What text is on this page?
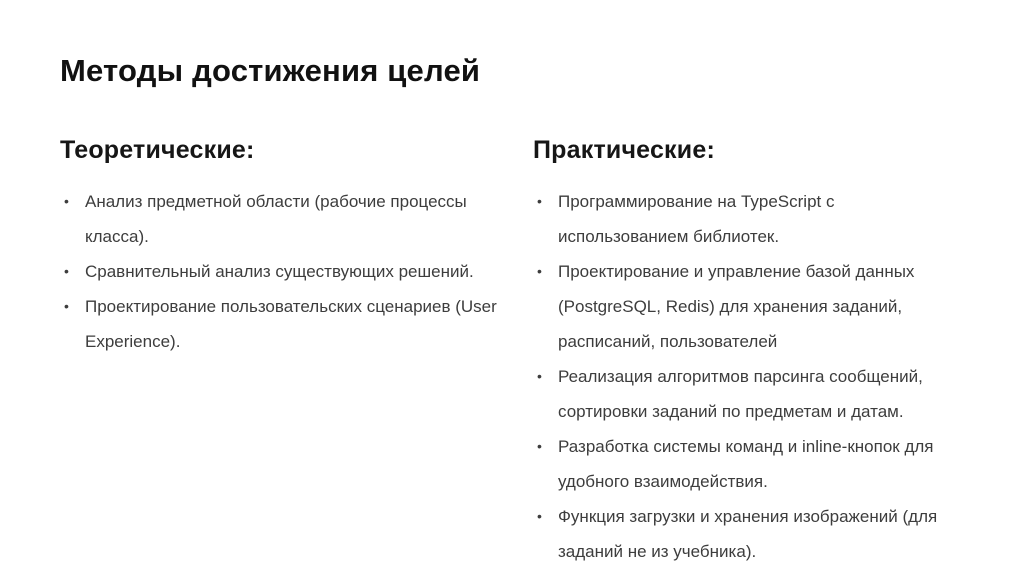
Методы достижения целей
Теоретические:
• Анализ предметной области (рабочие процессы класса).
• Сравнительный анализ существующих решений.
• Проектирование пользовательских сценариев (User Experience).
Практические:
• Программирование на TypeScript с использованием библиотек.
• Проектирование и управление базой данных (PostgreSQL, Redis) для хранения заданий, расписаний, пользователей
• Реализация алгоритмов парсинга сообщений, сортировки заданий по предметам и датам.
• Разработка системы команд и inline-кнопок для удобного взаимодействия.
• Функция загрузки и хранения изображений (для заданий не из учебника).
